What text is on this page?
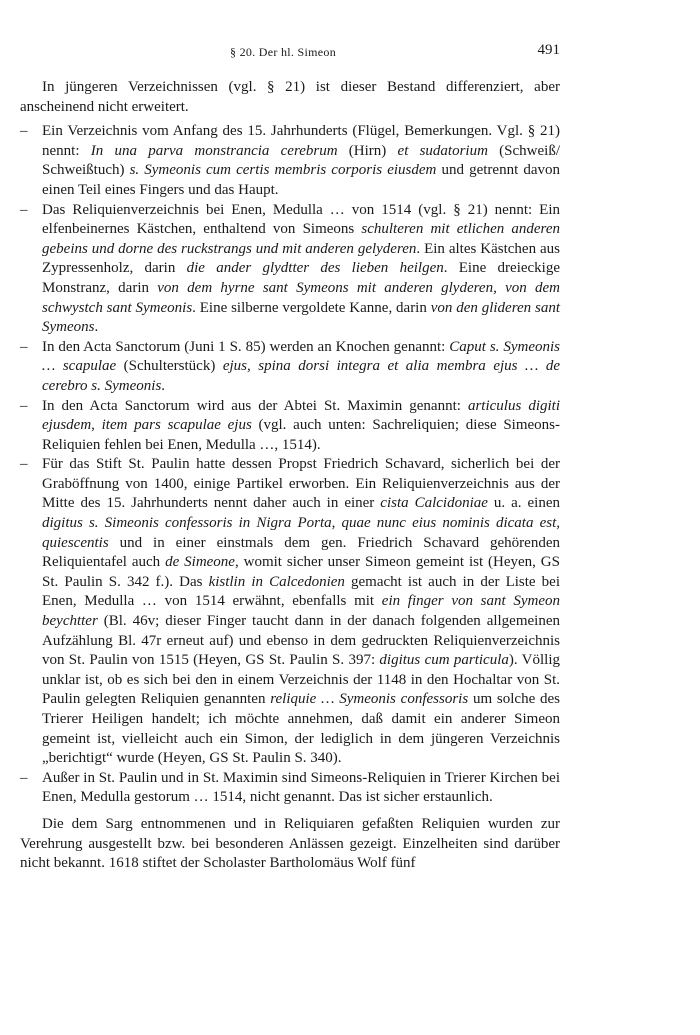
§ 20. Der hl. Simeon	491

In jüngeren Verzeichnissen (vgl. § 21) ist dieser Bestand differenziert, aber anscheinend nicht erweitert.

– Ein Verzeichnis vom Anfang des 15. Jahrhunderts (Flügel, Bemerkungen. Vgl. § 21) nennt: In una parva monstrancia cerebrum (Hirn) et sudatorium (Schweiß/ Schweißtuch) s. Symeonis cum certis membris corporis eiusdem und getrennt davon einen Teil eines Fingers und das Haupt.
– Das Reliquienverzeichnis bei Enen, Medulla … von 1514 (vgl. § 21) nennt: Ein elfenbeinernes Kästchen, enthaltend von Simeons schulteren mit etlichen anderen gebeins und dorne des ruckstrangs und mit anderen gelyderen. Ein altes Kästchen aus Zypressenholz, darin die ander glydtter des lieben heilgen. Eine dreieckige Monstranz, darin von dem hyrne sant Symeons mit anderen glyderen, von dem schwystch sant Symeonis. Eine silberne vergoldete Kanne, darin von den glideren sant Symeons.
– In den Acta Sanctorum (Juni 1 S. 85) werden an Knochen genannt: Caput s. Symeonis … scapulae (Schulterstück) ejus, spina dorsi integra et alia membra ejus … de cerebro s. Symeonis.
– In den Acta Sanctorum wird aus der Abtei St. Maximin genannt: articulus digiti ejusdem, item pars scapulae ejus (vgl. auch unten: Sachreliquien; diese Simeons-Reliquien fehlen bei Enen, Medulla …, 1514).
– Für das Stift St. Paulin hatte dessen Propst Friedrich Schavard, sicherlich bei der Graböffnung von 1400, einige Partikel erworben. Ein Reliquienverzeichnis aus der Mitte des 15. Jahrhunderts nennt daher auch in einer cista Calcidoniae u. a. einen digitus s. Simeonis confessoris in Nigra Porta, quae nunc eius nominis dicata est, quiescentis und in einer einstmals dem gen. Friedrich Schavard gehörenden Reliquientafel auch de Simeone, womit sicher unser Simeon gemeint ist (Heyen, GS St. Paulin S. 342 f.). Das kistlin in Calcedonien gemacht ist auch in der Liste bei Enen, Medulla … von 1514 erwähnt, ebenfalls mit ein finger von sant Symeon beychtter (Bl. 46v; dieser Finger taucht dann in der danach folgenden allgemeinen Aufzählung Bl. 47r erneut auf) und ebenso in dem gedruckten Reliquienverzeichnis von St. Paulin von 1515 (Heyen, GS St. Paulin S. 397: digitus cum particula). Völlig unklar ist, ob es sich bei den in einem Verzeichnis der 1148 in den Hochaltar von St. Paulin gelegten Reliquien genannten reliquie … Symeonis confessoris um solche des Trierer Heiligen handelt; ich möchte annehmen, daß damit ein anderer Simeon gemeint ist, vielleicht auch ein Simon, der lediglich in dem jüngeren Verzeichnis „berichtigt“ wurde (Heyen, GS St. Paulin S. 340).
– Außer in St. Paulin und in St. Maximin sind Simeons-Reliquien in Trierer Kirchen bei Enen, Medulla gestorum … 1514, nicht genannt. Das ist sicher erstaunlich.

Die dem Sarg entnommenen und in Reliquiaren gefaßten Reliquien wurden zur Verehrung ausgestellt bzw. bei besonderen Anlässen gezeigt. Einzelheiten sind darüber nicht bekannt. 1618 stiftet der Scholaster Bartholomäus Wolf fünf
